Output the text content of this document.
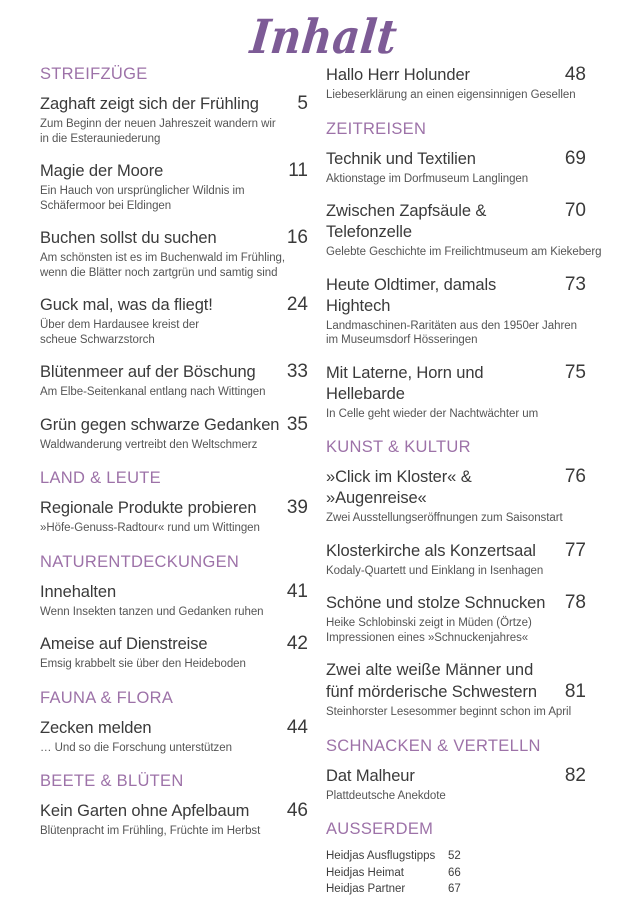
Inhalt
STREIFZÜGE
Zaghaft zeigt sich der Frühling 5
Zum Beginn der neuen Jahreszeit wandern wir
in die Esterauniederung
Magie der Moore	11
Ein Hauch von ursprünglicher Wildnis im
Schäfermoor bei Eldingen
Buchen sollst du suchen	16
Am schönsten ist es im Buchenwald im Frühling,
wenn die Blätter noch zartgrün und samtig sind
Guck mal, was da fliegt!	24
Über dem Hardausee kreist der
scheue Schwarzstorch
Blütenmeer auf der Böschung 33
Am Elbe-Seitenkanal entlang nach Wittingen
Grün gegen schwarze Gedanken 35
Waldwanderung vertreibt den Weltschmerz
LAND & LEUTE
Regionale Produkte probieren 39
»Höfe-Genuss-Radtour« rund um Wittingen
NATURENTDECKUNGEN
Innehalten	41
Wenn Insekten tanzen und Gedanken ruhen
Ameise auf Dienstreise	42
Emsig krabbelt sie über den Heideboden
FAUNA & FLORA
Zecken melden	44
… Und so die Forschung unterstützen
BEETE & BLÜTEN
Kein Garten ohne Apfelbaum 46
Blütenpracht im Frühling, Früchte im Herbst
Hallo Herr Holunder	48
Liebeserklärung an einen eigensinnigen Gesellen
ZEITREISEN
Technik und Textilien	69
Aktionstage im Dorfmuseum Langlingen
Zwischen Zapfsäule & Telefonzelle
70
Gelebte Geschichte im Freilichtmuseum am Kiekeberg
Heute Oldtimer, damals Hightech
73
Landmaschinen-Raritäten aus den 1950er Jahren
im Museumsdorf Hösseringen
Mit Laterne, Horn und Hellebarde
75
In Celle geht wieder der Nachtwächter um
KUNST & KULTUR
»Click im Kloster« & »Augenreise«
76
Zwei Ausstellungseröffnungen zum Saisonstart
Klosterkirche als Konzertsaal 77
Kodaly-Quartett und Einklang in Isenhagen
Schöne und stolze Schnucken 78
Heike Schlobinski zeigt in Müden (Örtze)
Impressionen eines »Schnuckenjahres«
Zwei alte weiße Männer und
fünf mörderische Schwestern 81
Steinhorster Lesesommer beginnt schon im April
SCHNACKEN & VERTELLN
Dat Malheur	82
Plattdeutsche Anekdote
AUSSERDEM
Heidjas Ausflugstipps	52
Heidjas Heimat	66
Heidjas Partner	67
